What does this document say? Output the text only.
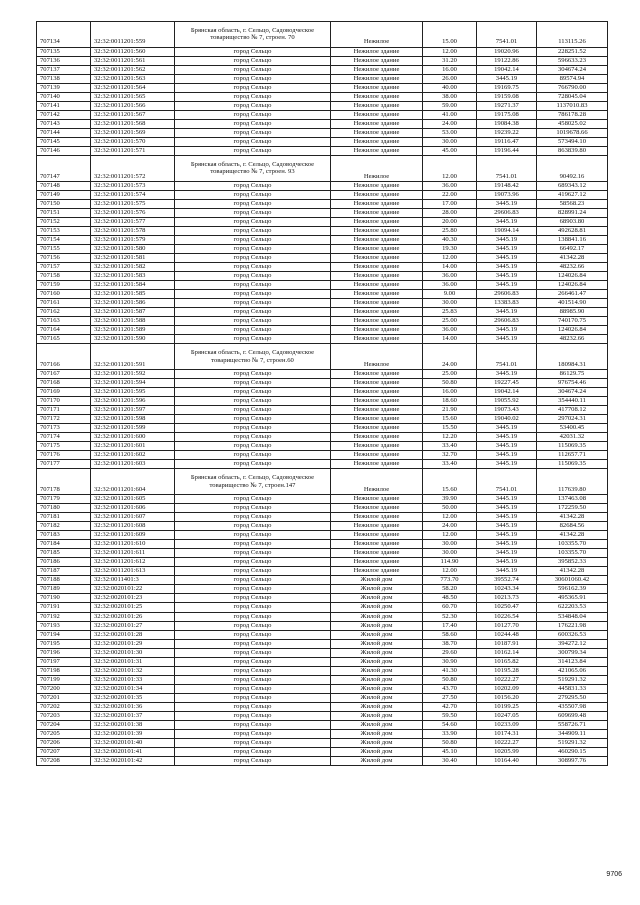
707134	32:32:0011201:559	Брянская область, г. Сельцо, Садоводческое товарищество № 7, строен. 70	Нежилое	15.00	7541.01	113115.26
707135	32:32:0011201:560	город Сельцо	Нежилое здание	12.00	19020.96	228251.52
707136	32:32:0011201:561	город Сельцо	Нежилое здание	31.20	19122.86	596633.23
707137	32:32:0011201:562	город Сельцо	Нежилое здание	16.00	19042.14	304674.24
707138	32:32:0011201:563	город Сельцо	Нежилое здание	26.00	3445.19	89574.94
707139	32:32:0011201:564	город Сельцо	Нежилое здание	40.00	19169.75	766790.00
707140	32:32:0011201:565	город Сельцо	Нежилое здание	38.00	19159.08	728045.04
707141	32:32:0011201:566	город Сельцо	Нежилое здание	59.00	19271.37	1137010.83
707142	32:32:0011201:567	город Сельцо	Нежилое здание	41.00	19175.08	786178.28
707143	32:32:0011201:568	город Сельцо	Нежилое здание	24.00	19084.38	458025.02
707144	32:32:0011201:569	город Сельцо	Нежилое здание	53.00	19239.22	1019678.66
707145	32:32:0011201:570	город Сельцо	Нежилое здание	30.00	19116.47	573494.10
707146	32:32:0011201:571	город Сельцо	Нежилое здание	45.00	19196.44	863839.80
707147	32:32:0011201:572	Брянская область, г. Сельцо, Садоводческое товарищество № 7, строен. 93	Нежилое	12.00	7541.01	90492.16
707148	32:32:0011201:573	город Сельцо	Нежилое здание	36.00	19148.42	689343.12
707149	32:32:0011201:574	город Сельцо	Нежилое здание	22.00	19073.96	419627.12
707150	32:32:0011201:575	город Сельцо	Нежилое здание	17.00	3445.19	58568.23
707151	32:32:0011201:576	город Сельцо	Нежилое здание	28.00	29606.83	828991.24
707152	32:32:0011201:577	город Сельцо	Нежилое здание	20.00	3445.19	68903.80
707153	32:32:0011201:578	город Сельцо	Нежилое здание	25.80	19094.14	492628.81
707154	32:32:0011201:579	город Сельцо	Нежилое здание	40.30	3445.19	138841.16
707155	32:32:0011201:580	город Сельцо	Нежилое здание	19.30	3445.19	66492.17
707156	32:32:0011201:581	город Сельцо	Нежилое здание	12.00	3445.19	41342.28
707157	32:32:0011201:582	город Сельцо	Нежилое здание	14.00	3445.19	48232.66
707158	32:32:0011201:583	город Сельцо	Нежилое здание	36.00	3445.19	124026.84
707159	32:32:0011201:584	город Сельцо	Нежилое здание	36.00	3445.19	124026.84
707160	32:32:0011201:585	город Сельцо	Нежилое здание	9.00	29606.83	266461.47
707161	32:32:0011201:586	город Сельцо	Нежилое здание	30.00	13383.83	401514.90
707162	32:32:0011201:587	город Сельцо	Нежилое здание	25.83	3445.19	88985.90
707163	32:32:0011201:588	город Сельцо	Нежилое здание	25.00	29606.83	740170.75
707164	32:32:0011201:589	город Сельцо	Нежилое здание	36.00	3445.19	124026.84
707165	32:32:0011201:590	город Сельцо	Нежилое здание	14.00	3445.19	48232.66
707166	32:32:0011201:591	Брянская область, г. Сельцо, Садоводческое товарищество № 7, строен.60	Нежилое	24.00	7541.01	180984.31
707167	32:32:0011201:592	город Сельцо	Нежилое здание	25.00	3445.19	86129.75
707168	32:32:0011201:594	город Сельцо	Нежилое здание	50.80	19227.45	976754.46
707169	32:32:0011201:595	город Сельцо	Нежилое здание	16.00	19042.14	304674.24
707170	32:32:0011201:596	город Сельцо	Нежилое здание	18.60	19055.92	354440.11
707171	32:32:0011201:597	город Сельцо	Нежилое здание	21.90	19073.43	417708.12
707172	32:32:0011201:598	город Сельцо	Нежилое здание	15.60	19040.02	297024.31
707173	32:32:0011201:599	город Сельцо	Нежилое здание	15.50	3445.19	53400.45
707174	32:32:0011201:600	город Сельцо	Нежилое здание	12.20	3445.19	42031.32
707175	32:32:0011201:601	город Сельцо	Нежилое здание	33.40	3445.19	115069.35
707176	32:32:0011201:602	город Сельцо	Нежилое здание	32.70	3445.19	112657.71
707177	32:32:0011201:603	город Сельцо	Нежилое здание	33.40	3445.19	115069.35
707178	32:32:0011201:604	Брянская область, г. Сельцо, Садоводческое товарищество № 7, строен.147	Нежилое	15.60	7541.01	117639.80
707179	32:32:0011201:605	город Сельцо	Нежилое здание	39.90	3445.19	137463.08
707180	32:32:0011201:606	город Сельцо	Нежилое здание	50.00	3445.19	172259.50
707181	32:32:0011201:607	город Сельцо	Нежилое здание	12.00	3445.19	41342.28
707182	32:32:0011201:608	город Сельцо	Нежилое здание	24.00	3445.19	82684.56
707183	32:32:0011201:609	город Сельцо	Нежилое здание	12.00	3445.19	41342.28
707184	32:32:0011201:610	город Сельцо	Нежилое здание	30.00	3445.19	103355.70
707185	32:32:0011201:611	город Сельцо	Нежилое здание	30.00	3445.19	103355.70
707186	32:32:0011201:612	город Сельцо	Нежилое здание	114.90	3445.19	395852.33
707187	32:32:0011201:613	город Сельцо	Нежилое здание	12.00	3445.19	41342.28
707188	32:32:0011401:3	город Сельцо	Жилой дом	773.70	39552.74	30601060.42
707189	32:32:0020101:22	город Сельцо	Жилой дом	58.20	10243.34	596162.39
707190	32:32:0020101:23	город Сельцо	Жилой дом	48.50	10213.73	495365.91
707191	32:32:0020101:25	город Сельцо	Жилой дом	60.70	10250.47	622203.53
707192	32:32:0020101:26	город Сельцо	Жилой дом	52.30	10226.54	534848.04
707193	32:32:0020101:27	город Сельцо	Жилой дом	17.40	10127.70	176221.98
707194	32:32:0020101:28	город Сельцо	Жилой дом	58.60	10244.48	600326.53
707195	32:32:0020101:29	город Сельцо	Жилой дом	38.70	10187.91	394272.12
707196	32:32:0020101:30	город Сельцо	Жилой дом	29.60	10162.14	300799.34
707197	32:32:0020101:31	город Сельцо	Жилой дом	30.90	10165.82	314123.84
707198	32:32:0020101:32	город Сельцо	Жилой дом	41.30	10195.28	421065.06
707199	32:32:0020101:33	город Сельцо	Жилой дом	50.80	10222.27	519291.32
707200	32:32:0020101:34	город Сельцо	Жилой дом	43.70	10202.09	445831.33
707201	32:32:0020101:35	город Сельцо	Жилой дом	27.50	10156.20	279295.50
707202	32:32:0020101:36	город Сельцо	Жилой дом	42.70	10199.25	435507.98
707203	32:32:0020101:37	город Сельцо	Жилой дом	59.50	10247.05	609699.48
707204	32:32:0020101:38	город Сельцо	Жилой дом	54.60	10233.09	558726.71
707205	32:32:0020101:39	город Сельцо	Жилой дом	33.90	10174.31	344909.11
707206	32:32:0020101:40	город Сельцо	Жилой дом	50.80	10222.27	519291.32
707207	32:32:0020101:41	город Сельцо	Жилой дом	45.10	10205.99	460290.15
707208	32:32:0020101:42	город Сельцо	Жилой дом	30.40	10164.40	308997.76
9706
